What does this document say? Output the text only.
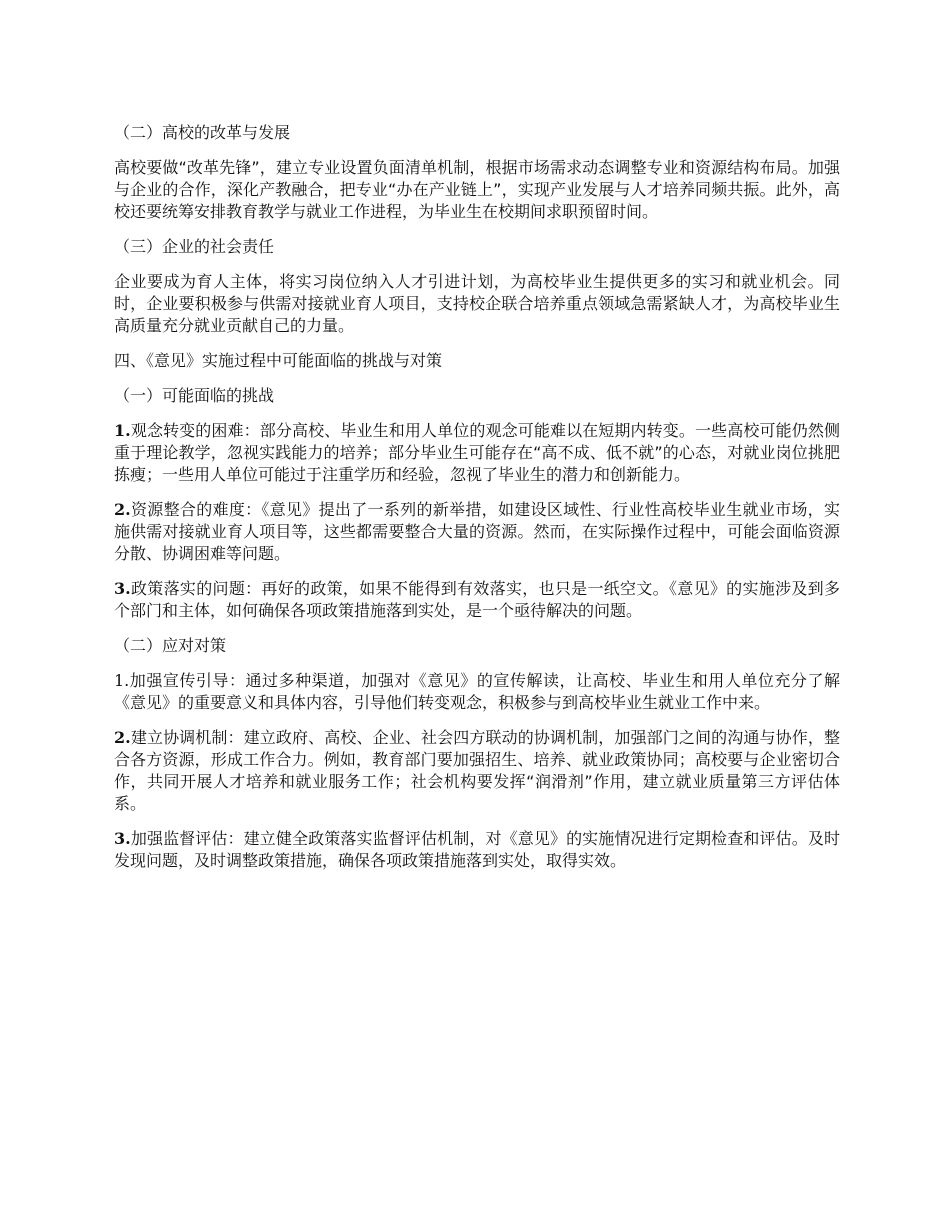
（二）高校的改革与发展
高校要做“改革先锋”，建立专业设置负面清单机制，根据市场需求动态调整专业和资源结构布局。加强与企业的合作，深化产教融合，把专业“办在产业链上”，实现产业发展与人才培养同频共振。此外，高校还要统筹安排教育教学与就业工作进程，为毕业生在校期间求职预留时间。
（三）企业的社会责任
企业要成为育人主体，将实习岗位纳入人才引进计划，为高校毕业生提供更多的实习和就业机会。同时，企业要积极参与供需对接就业育人项目，支持校企联合培养重点领域急需紧缺人才，为高校毕业生高质量充分就业贡献自己的力量。
四、《意见》实施过程中可能面临的挑战与对策
（一）可能面临的挑战
1.观念转变的困难：部分高校、毕业生和用人单位的观念可能难以在短期内转变。一些高校可能仍然侧重于理论教学，忽视实践能力的培养；部分毕业生可能存在“高不成、低不就”的心态，对就业岗位挑肥拣瘦；一些用人单位可能过于注重学历和经验，忽视了毕业生的潜力和创新能力。
2.资源整合的难度：《意见》提出了一系列的新举措，如建设区域性、行业性高校毕业生就业市场，实施供需对接就业育人项目等，这些都需要整合大量的资源。然而，在实际操作过程中，可能会面临资源分散、协调困难等问题。
3.政策落实的问题：再好的政策，如果不能得到有效落实，也只是一纸空文。《意见》的实施涉及到多个部门和主体，如何确保各项政策措施落到实处，是一个亟待解决的问题。
（二）应对对策
1.加强宣传引导：通过多种渠道，加强对《意见》的宣传解读，让高校、毕业生和用人单位充分了解《意见》的重要意义和具体内容，引导他们转变观念，积极参与到高校毕业生就业工作中来。
2.建立协调机制：建立政府、高校、企业、社会四方联动的协调机制，加强部门之间的沟通与协作，整合各方资源，形成工作合力。例如，教育部门要加强招生、培养、就业政策协同；高校要与企业密切合作，共同开展人才培养和就业服务工作；社会机构要发挥“润滑剂”作用，建立就业质量第三方评估体系。
3.加强监督评估：建立健全政策落实监督评估机制，对《意见》的实施情况进行定期检查和评估。及时发现问题，及时调整政策措施，确保各项政策措施落到实处，取得实效。
